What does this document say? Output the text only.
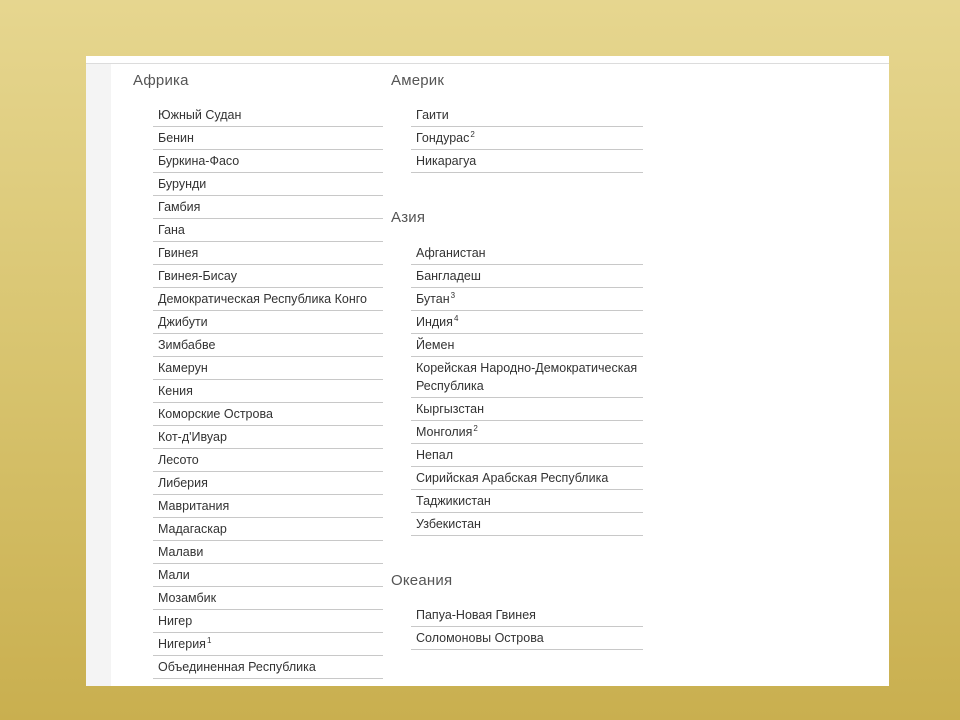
Африка
Южный Судан
Бенин
Буркина-Фасо
Бурунди
Гамбия
Гана
Гвинея
Гвинея-Бисау
Демократическая Республика Конго
Джибути
Зимбабве
Камерун
Кения
Коморские Острова
Кот-д'Ивуар
Лесото
Либерия
Мавритания
Мадагаскар
Малави
Мали
Мозамбик
Нигер
Нигерия$^1$
Объединенная Республика
Америк
Гаити
Гондурас$^2$
Никарагуа
Азия
Афганистан
Бангладеш
Бутан$^3$
Индия$^4$
Йемен
Корейская Народно-Демократическая Республика
Кыргызстан
Монголия$^2$
Непал
Сирийская Арабская Республика
Таджикистан
Узбекистан
Океания
Папуа-Новая Гвинея
Соломоновы Острова
